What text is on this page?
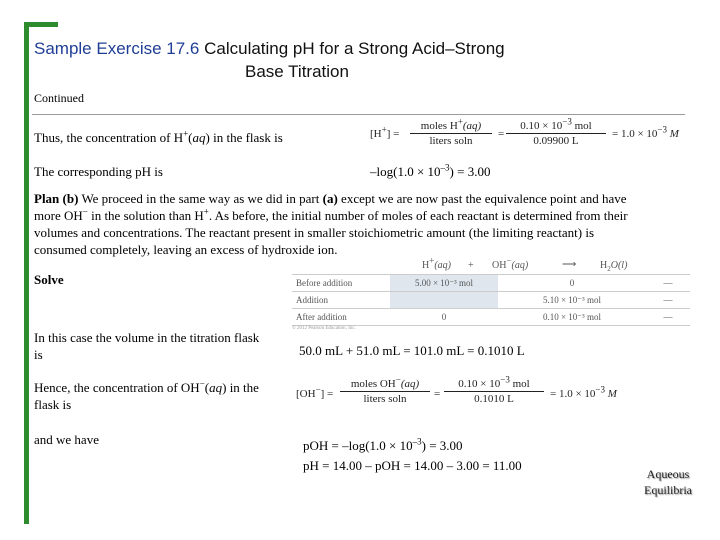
Sample Exercise 17.6 Calculating pH for a Strong Acid–Strong
Base Titration
Continued
Thus, the concentration of H+(aq) in the flask is	[H+] =
moles H+(aq)
liters soln
=
$0.10 \times 10^{-3}$ mol
0.09900 L
= $1.0 \times 10^{-3}$ M
The corresponding pH is	$-\log(1.0 \times 10^{-3}) = 3.00$
Plan (b) We proceed in the same way as we did in part (a) except we are now past the equivalence point and have more OH− in the solution than H+. As before, the initial number of moles of each reactant is determined from their volumes and concentrations. The reactant present in smaller stoichiometric amount (the limiting reactant) is consumed completely, leaving an excess of hydroxide ion.
Solve
H+(aq) + OH−(aq)	⟶ $H_2O(l)$
Before addition	5.00 × 10⁻³ mol	0	—
Addition		5.10 × 10⁻³ mol	—
After addition	0	0.10 × 10⁻³ mol	—
© 2012 Pearson Education, Inc.
In this case the volume in the titration flask is	50.0 mL + 51.0 mL = 101.0 mL = 0.1010 L
Hence, the concentration of OH−(aq) in the flask is
[OH−] =
moles OH−(aq)
liters soln	=
$0.10 \times 10^{-3}$ mol
0.1010 L	= $1.0 \times 10^{-3}$ M
and we have	pOH = $-\log(1.0 \times 10^{-3}) = 3.00$
pH = 14.00 – pOH = 14.00 – 3.00 = 11.00
Aqueous
Equilibria
